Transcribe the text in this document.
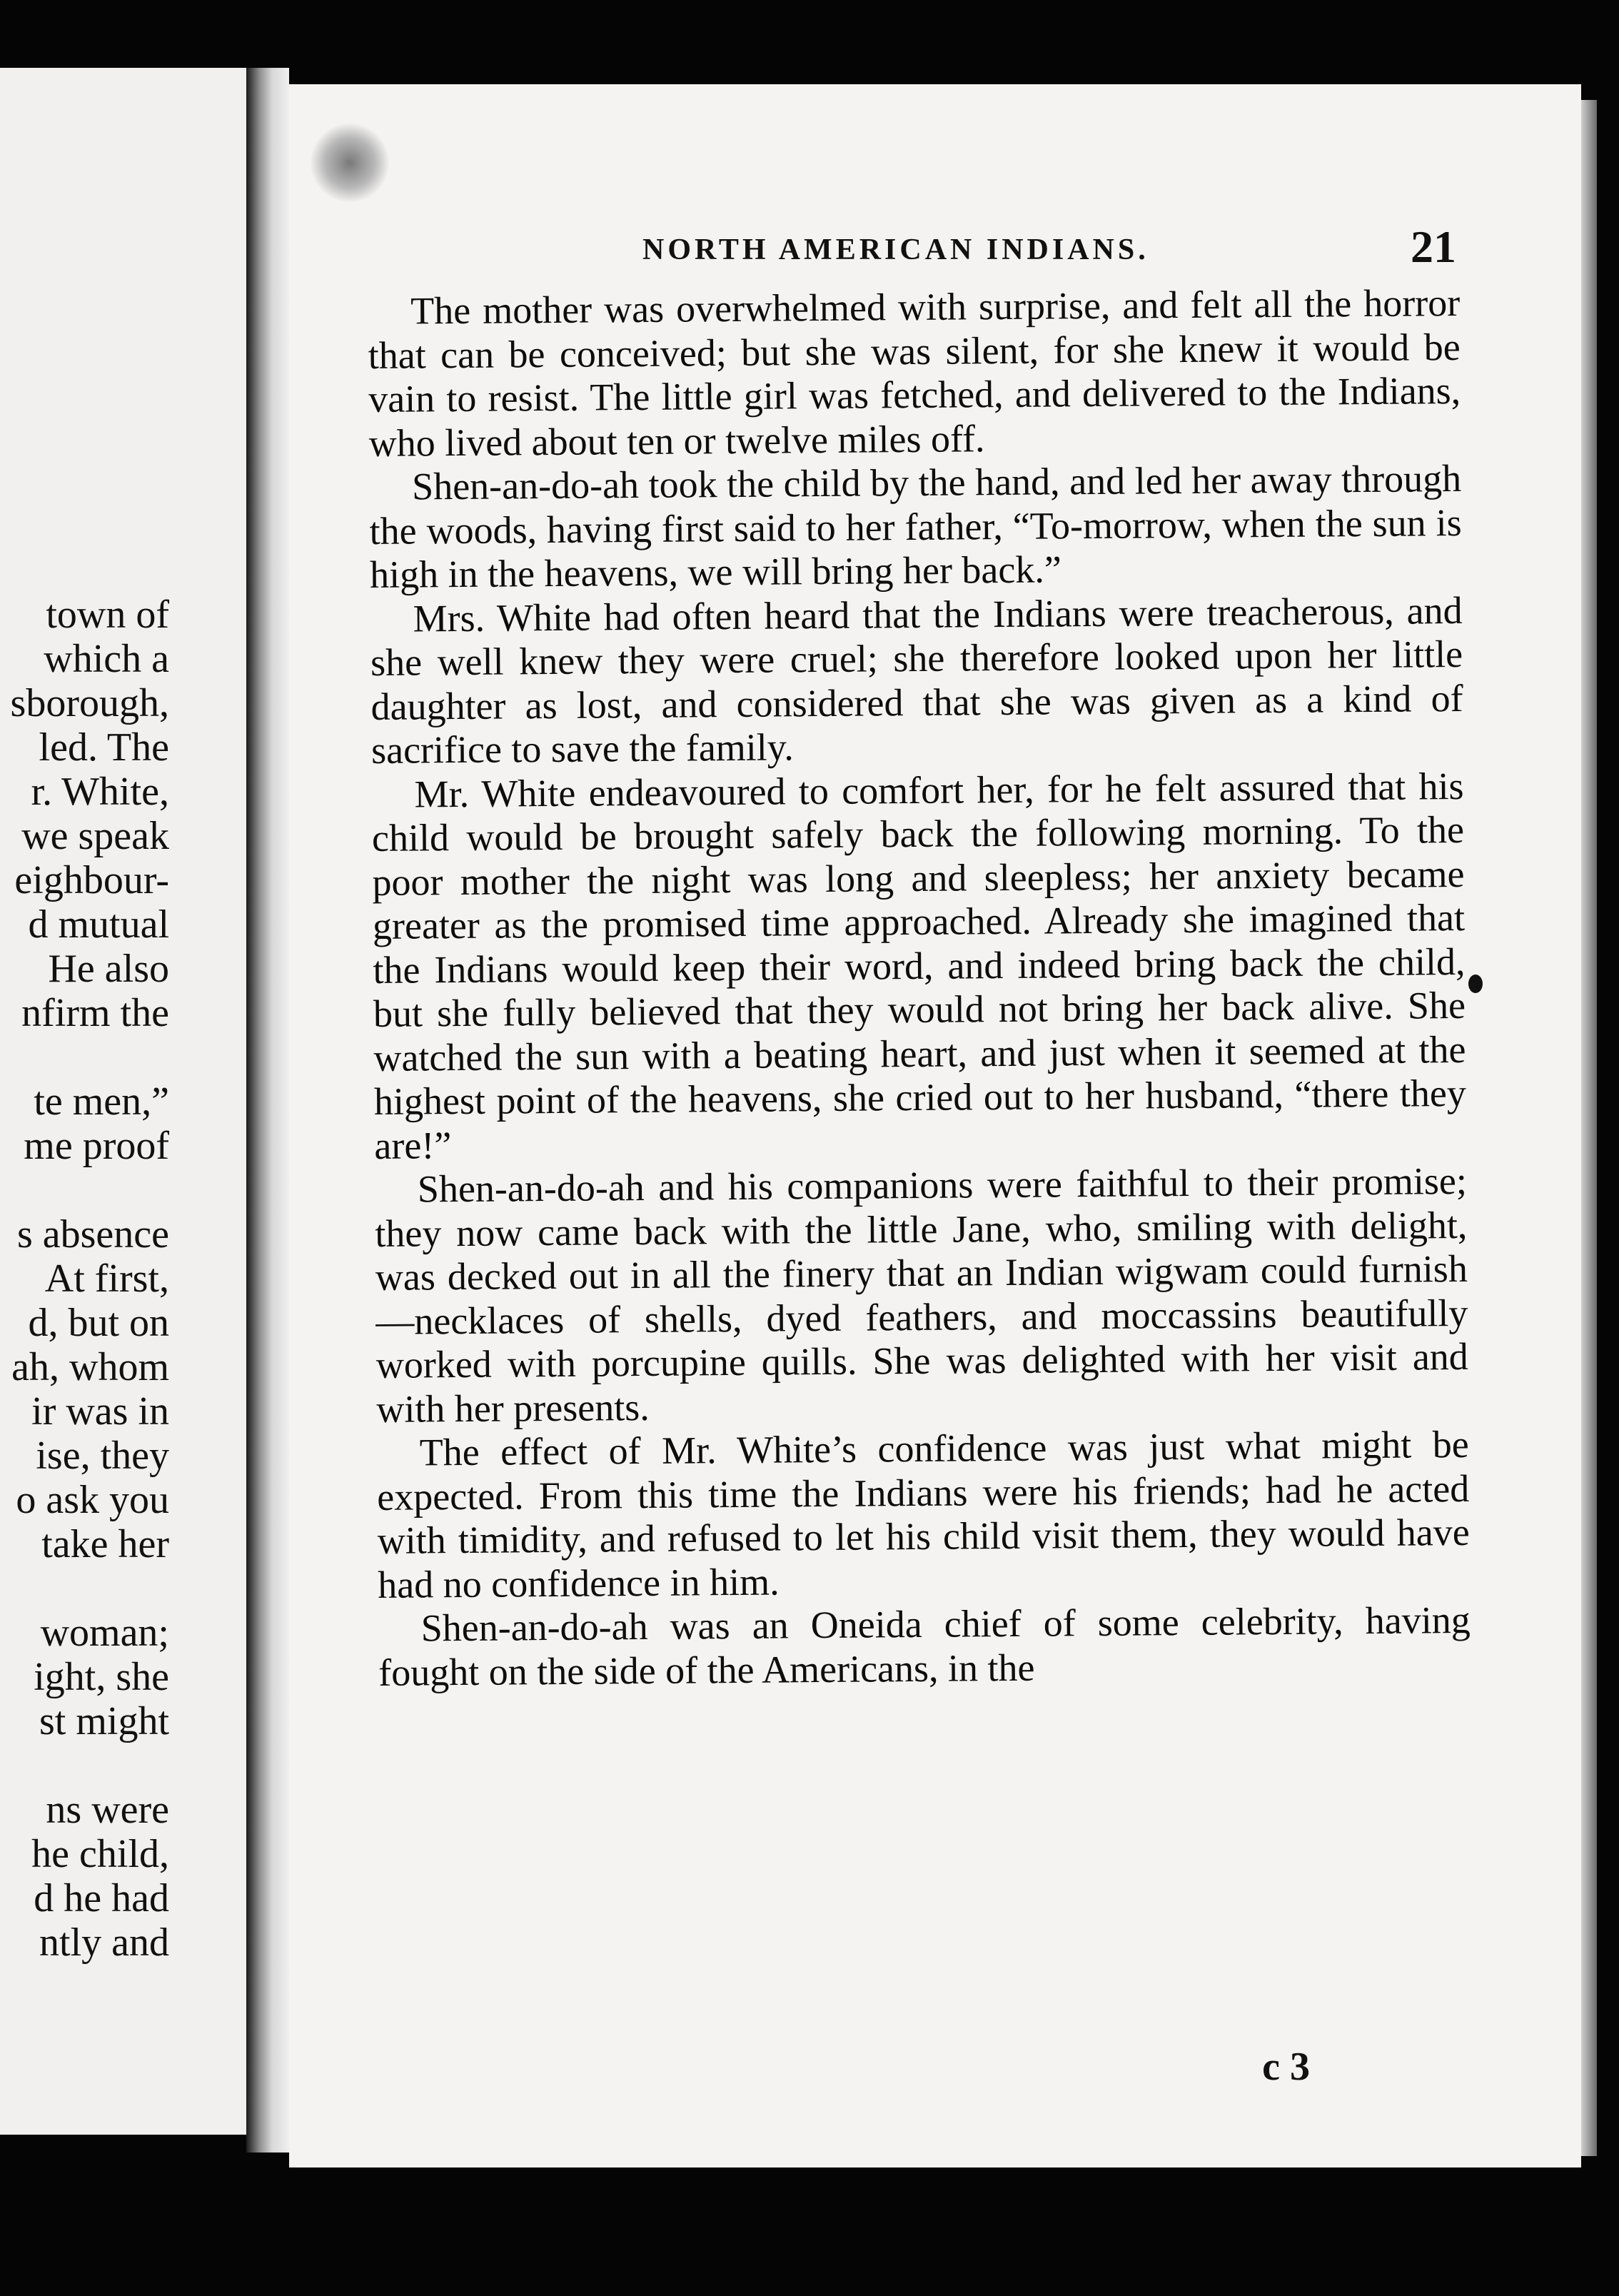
town of
which a
sborough,
led. The
r. White,
we speak
eighbour-
d mutual
He also
nfirm the
te men,”
me proof
s absence
At first,
d, but on
ah, whom
ir was in
ise, they
o ask you
take her
woman;
ight, she
st might
ns were
he child,
d he had
ntly and
NORTH AMERICAN INDIANS.	21

The mother was overwhelmed with surprise, and felt all the horror that can be conceived; but she was silent, for she knew it would be vain to resist. The little girl was fetched, and delivered to the Indians, who lived about ten or twelve miles off.

Shen-an-do-ah took the child by the hand, and led her away through the woods, having first said to her father, “To-morrow, when the sun is high in the heavens, we will bring her back.”

Mrs. White had often heard that the Indians were treacherous, and she well knew they were cruel; she therefore looked upon her little daughter as lost, and considered that she was given as a kind of sacrifice to save the family.

Mr. White endeavoured to comfort her, for he felt assured that his child would be brought safely back the following morning. To the poor mother the night was long and sleepless; her anxiety became greater as the promised time approached. Already she imagined that the Indians would keep their word, and indeed bring back the child, but she fully believed that they would not bring her back alive. She watched the sun with a beating heart, and just when it seemed at the highest point of the heavens, she cried out to her husband, “there they are!”

Shen-an-do-ah and his companions were faithful to their promise; they now came back with the little Jane, who, smiling with delight, was decked out in all the finery that an Indian wigwam could furnish—necklaces of shells, dyed feathers, and moccassins beautifully worked with porcupine quills. She was delighted with her visit and with her presents.

The effect of Mr. White’s confidence was just what might be expected. From this time the Indians were his friends; had he acted with timidity, and refused to let his child visit them, they would have had no confidence in him.

Shen-an-do-ah was an Oneida chief of some celebrity, having fought on the side of the Americans, in the

c 3
